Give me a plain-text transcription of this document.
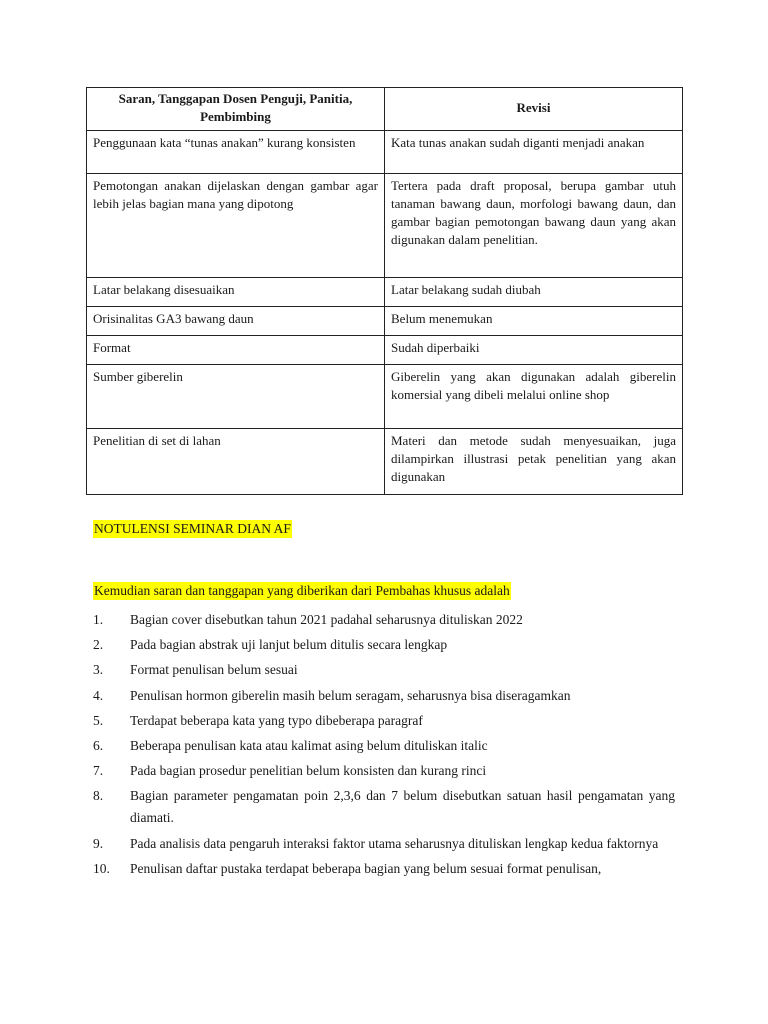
Saran, Tanggapan Dosen Penguji, Panitia, Pembimbing	Revisi
Penggunaan kata “tunas anakan” kurang konsisten	Kata tunas anakan sudah diganti menjadi anakan
Pemotongan anakan dijelaskan dengan gambar agar lebih jelas bagian mana yang dipotong	Tertera pada draft proposal, berupa gambar utuh tanaman bawang daun, morfologi bawang daun, dan gambar bagian pemotongan bawang daun yang akan digunakan dalam penelitian.
Latar belakang disesuaikan	Latar belakang sudah diubah
Orisinalitas GA3 bawang daun	Belum menemukan
Format	Sudah diperbaiki
Sumber giberelin	Giberelin yang akan digunakan adalah giberelin komersial yang dibeli melalui online shop
Penelitian di set di lahan	Materi dan metode sudah menyesuaikan, juga dilampirkan illustrasi petak penelitian yang akan digunakan
NOTULENSI SEMINAR DIAN AF
Kemudian saran dan tanggapan yang diberikan dari Pembahas khusus adalah
1. Bagian cover disebutkan tahun 2021 padahal seharusnya dituliskan 2022
2. Pada bagian abstrak uji lanjut belum ditulis secara lengkap
3. Format penulisan belum sesuai
4. Penulisan hormon giberelin masih belum seragam, seharusnya bisa diseragamkan
5. Terdapat beberapa kata yang typo dibeberapa paragraf
6. Beberapa penulisan kata atau kalimat asing belum dituliskan italic
7. Pada bagian prosedur penelitian belum konsisten dan kurang rinci
8. Bagian parameter pengamatan poin 2,3,6 dan 7 belum disebutkan satuan hasil pengamatan yang diamati.
9. Pada analisis data pengaruh interaksi faktor utama seharusnya dituliskan lengkap kedua faktornya
10. Penulisan daftar pustaka terdapat beberapa bagian yang belum sesuai format penulisan,
